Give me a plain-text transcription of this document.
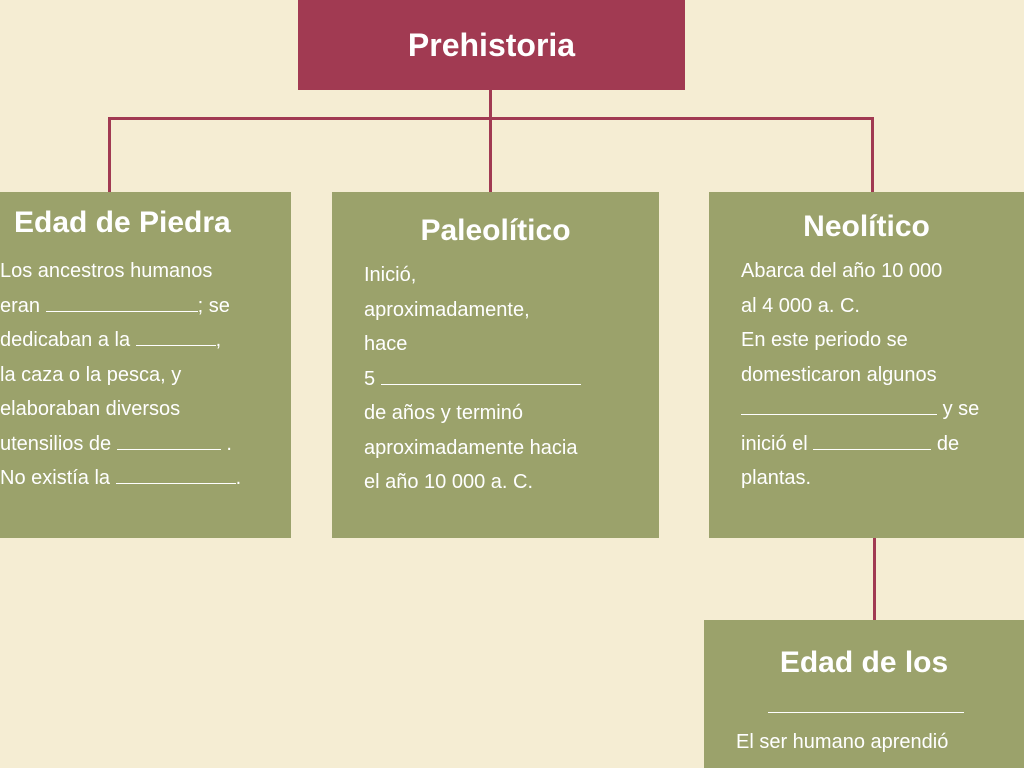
Prehistoria
Edad de Piedra
Los ancestros humanos
eran	; se
dedicaban a la	,
la caza o la pesca, y
elaboraban diversos
utensilios de	.
No existía la	.
Paleolítico
Inició,
aproximadamente,
hace
5
de años y terminó
aproximadamente hacia
el año 10 000 a. C.
Neolítico
Abarca del año 10 000
al 4 000 a. C.
En este periodo se
domesticaron algunos
y se
inició el	de
plantas.
Edad de los
El ser humano aprendió
